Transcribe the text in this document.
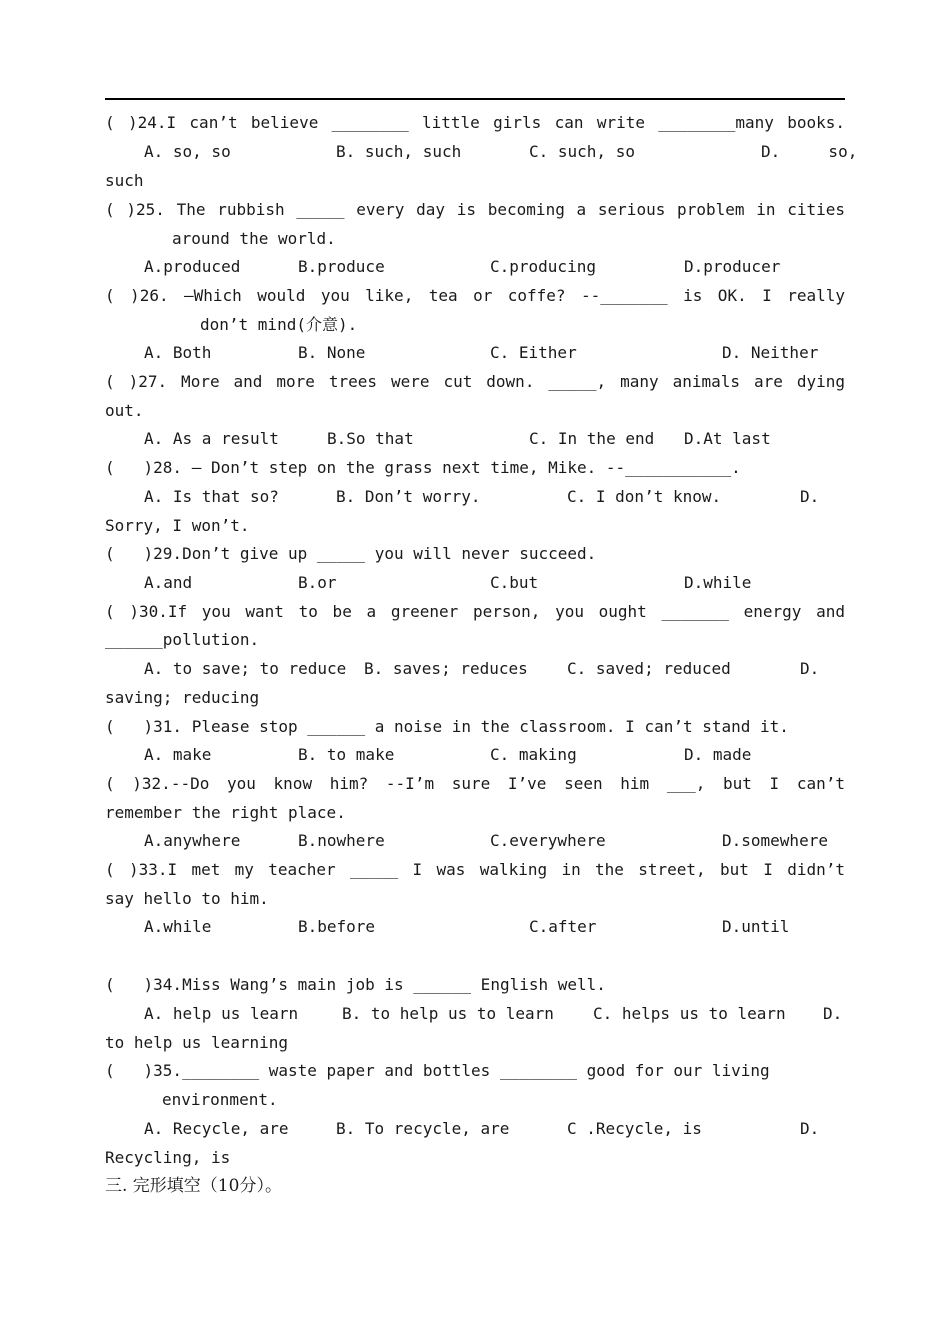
( )24.I can’t believe ________ little girls can write ________many books.

A. so, so

	B. such, such

	C. such, so

	D.     so,

such
( )25. The rubbish _____ every day is becoming a serious problem in cities
around the world.

A.produced

	B.produce

	C.producing

	D.producer

( )26. –Which would you like, tea or coffe? --_______ is OK. I really
don’t mind(介意).

A. Both

	B. None

	C. Either

	D. Neither

( )27. More and more trees were cut down. _____, many animals are dying
out.

A. As a result

	B.So that

	C. In the end

D.At last

(   )28. – Don’t step on the grass next time, Mike. --___________.

A. Is that so?

	B. Don’t worry.

	C. I don’t know.

	D.

Sorry, I won’t.
(   )29.Don’t give up _____ you will never succeed.

A.and

	B.or

	C.but

	D.while

( )30.If you want to be a greener person, you ought _______ energy and
______pollution.

A. to save; to reduce

B. saves; reduces

C. saved; reduced

	D.

saving; reducing
(   )31. Please stop ______ a noise in the classroom. I can’t stand it.

A. make

	B. to make

	C. making

	D. made

( )32.--Do you know him? --I’m sure I’ve seen him ___, but I can’t
remember the right place.

A.anywhere

	B.nowhere

	C.everywhere

	D.somewhere

( )33.I met my teacher _____ I was walking in the street, but I didn’t
say hello to him.

A.while

	B.before

	C.after

	D.until

(   )34.Miss Wang’s main job is ______ English well.

A. help us learn

	B. to help us to learn

C. helps us to learn

D.

to help us learning
(   )35.________ waste paper and bottles ________ good for our living
environment.

A. Recycle, are

	B. To recycle, are

	C .Recycle, is

	D.

Recycling, is
三. 完形填空（10分）。
